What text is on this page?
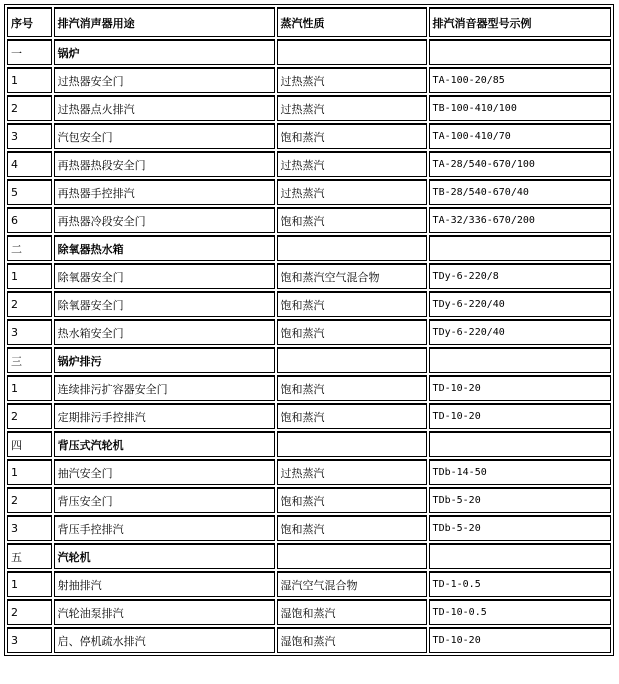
序号	排汽消声器用途	蒸汽性质	排汽消音器型号示例
一	锅炉		
1	过热器安全门	过热蒸汽	TA-100-20/85
2	过热器点火排汽	过热蒸汽	TB-100-410/100
3	汽包安全门	饱和蒸汽	TA-100-410/70
4	再热器热段安全门	过热蒸汽	TA-28/540-670/100
5	再热器手控排汽	过热蒸汽	TB-28/540-670/40
6	再热器冷段安全门	饱和蒸汽	TA-32/336-670/200
二	除氧器热水箱		
1	除氧器安全门	饱和蒸汽空气混合物	TDy-6-220/8
2	除氧器安全门	饱和蒸汽	TDy-6-220/40
3	热水箱安全门	饱和蒸汽	TDy-6-220/40
三	锅炉排污		
1	连续排污扩容器安全门	饱和蒸汽	TD-10-20
2	定期排污手控排汽	饱和蒸汽	TD-10-20
四	背压式汽轮机		
1	抽汽安全门	过热蒸汽	TDb-14-50
2	背压安全门	饱和蒸汽	TDb-5-20
3	背压手控排汽	饱和蒸汽	TDb-5-20
五	汽轮机		
1	射抽排汽	湿汽空气混合物	TD-1-0.5
2	汽轮油泵排汽	湿饱和蒸汽	TD-10-0.5
3	启、停机疏水排汽	湿饱和蒸汽	TD-10-20
